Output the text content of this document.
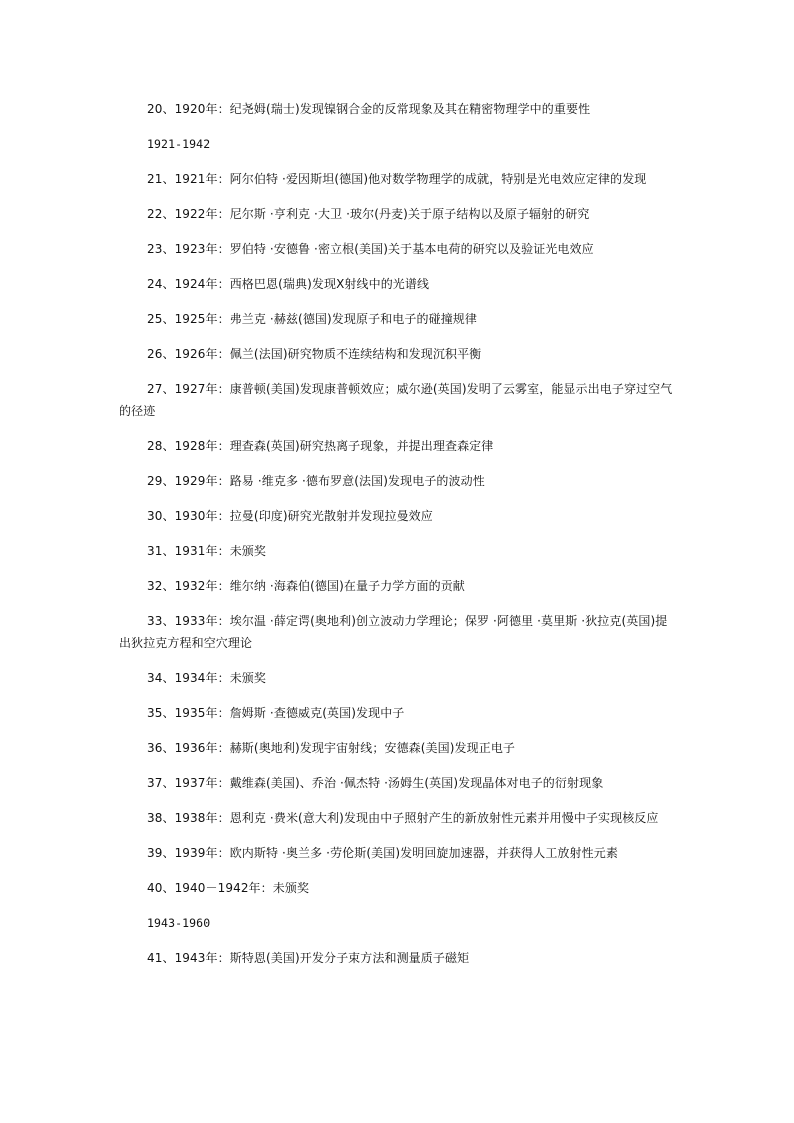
20、1920年：纪尧姆(瑞士)发现镍钢合金的反常现象及其在精密物理学中的重要性

1921-1942

21、1921年：阿尔伯特 ·爱因斯坦(德国)他对数学物理学的成就，特别是光电效应定律的发现

22、1922年：尼尔斯 ·亨利克 ·大卫 ·玻尔(丹麦)关于原子结构以及原子辐射的研究

23、1923年：罗伯特 ·安德鲁 ·密立根(美国)关于基本电荷的研究以及验证光电效应

24、1924年：西格巴恩(瑞典)发现X射线中的光谱线

25、1925年：弗兰克 ·赫兹(德国)发现原子和电子的碰撞规律

26、1926年：佩兰(法国)研究物质不连续结构和发现沉积平衡

27、1927年：康普顿(美国)发现康普顿效应；威尔逊(英国)发明了云雾室，能显示出电子穿过空气的径迹

28、1928年：理查森(英国)研究热离子现象，并提出理查森定律

29、1929年：路易 ·维克多 ·德布罗意(法国)发现电子的波动性

30、1930年：拉曼(印度)研究光散射并发现拉曼效应

31、1931年：未颁奖

32、1932年：维尔纳 ·海森伯(德国)在量子力学方面的贡献

33、1933年：埃尔温 ·薛定谔(奥地利)创立波动力学理论；保罗 ·阿德里 ·莫里斯 ·狄拉克(英国)提出狄拉克方程和空穴理论

34、1934年：未颁奖

35、1935年：詹姆斯 ·查德威克(英国)发现中子

36、1936年：赫斯(奥地利)发现宇宙射线；安德森(美国)发现正电子

37、1937年：戴维森(美国)、乔治 ·佩杰特 ·汤姆生(英国)发现晶体对电子的衍射现象

38、1938年：恩利克 ·费米(意大利)发现由中子照射产生的新放射性元素并用慢中子实现核反应

39、1939年：欧内斯特 ·奥兰多 ·劳伦斯(美国)发明回旋加速器，并获得人工放射性元素

40、1940－1942年：未颁奖

1943-1960

41、1943年：斯特恩(美国)开发分子束方法和测量质子磁矩
